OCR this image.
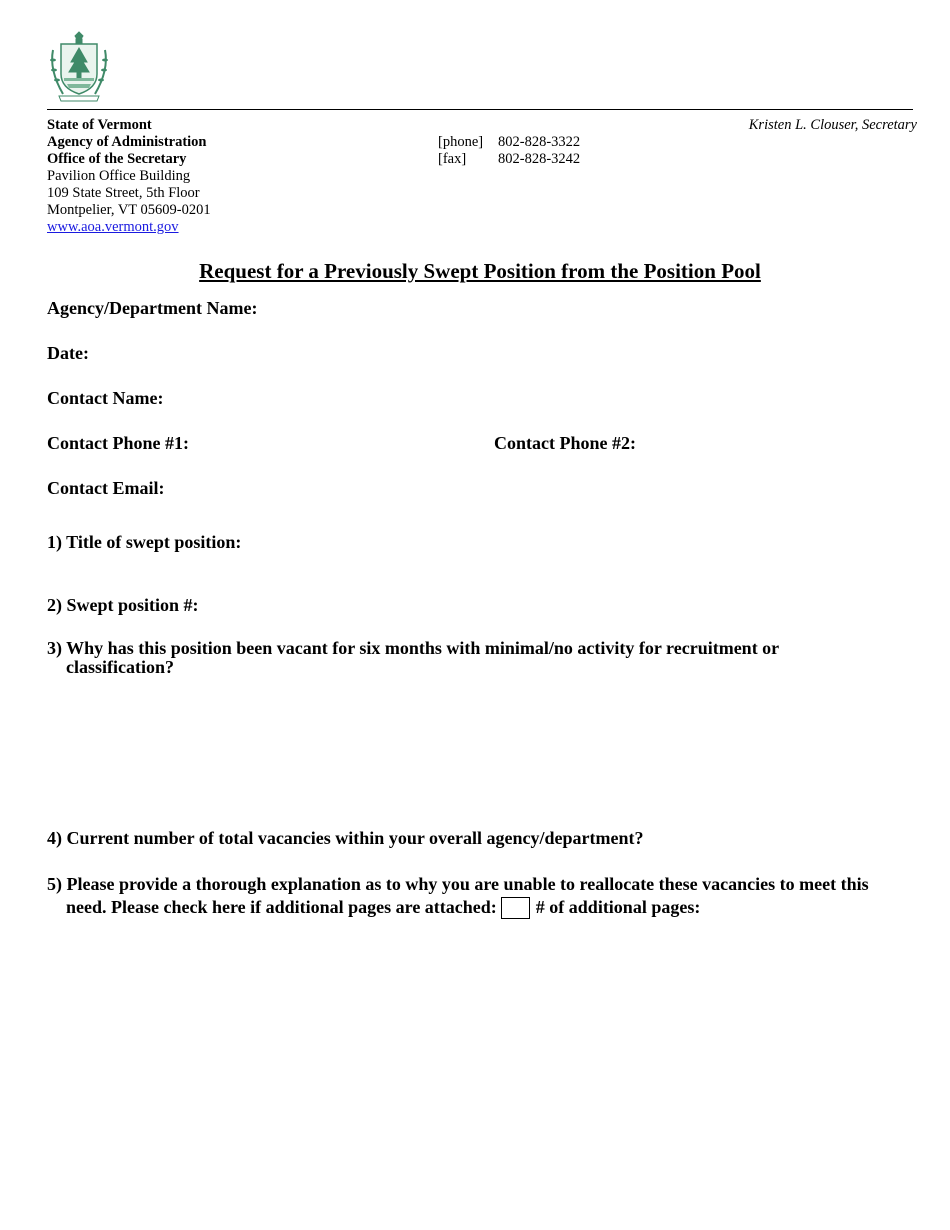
State of Vermont
Agency of Administration
Office of the Secretary
Pavilion Office Building
109 State Street, 5th Floor
Montpelier, VT 05609-0201
www.aoa.vermont.gov
[phone]	802-828-3322
[fax]	802-828-3242
Kristen L. Clouser, Secretary
Request for a Previously Swept Position from the Position Pool
Agency/Department Name:
Date:
Contact Name:
Contact Phone #1:	Contact Phone #2:
Contact Email:
1) Title of swept position:
2) Swept position #:
3) Why has this position been vacant for six months with minimal/no activity for recruitment or
classification?
4) Current number of total vacancies within your overall agency/department?
5) Please provide a thorough explanation as to why you are unable to reallocate these vacancies to meet this
need. Please check here if additional pages are attached: # of additional pages:
